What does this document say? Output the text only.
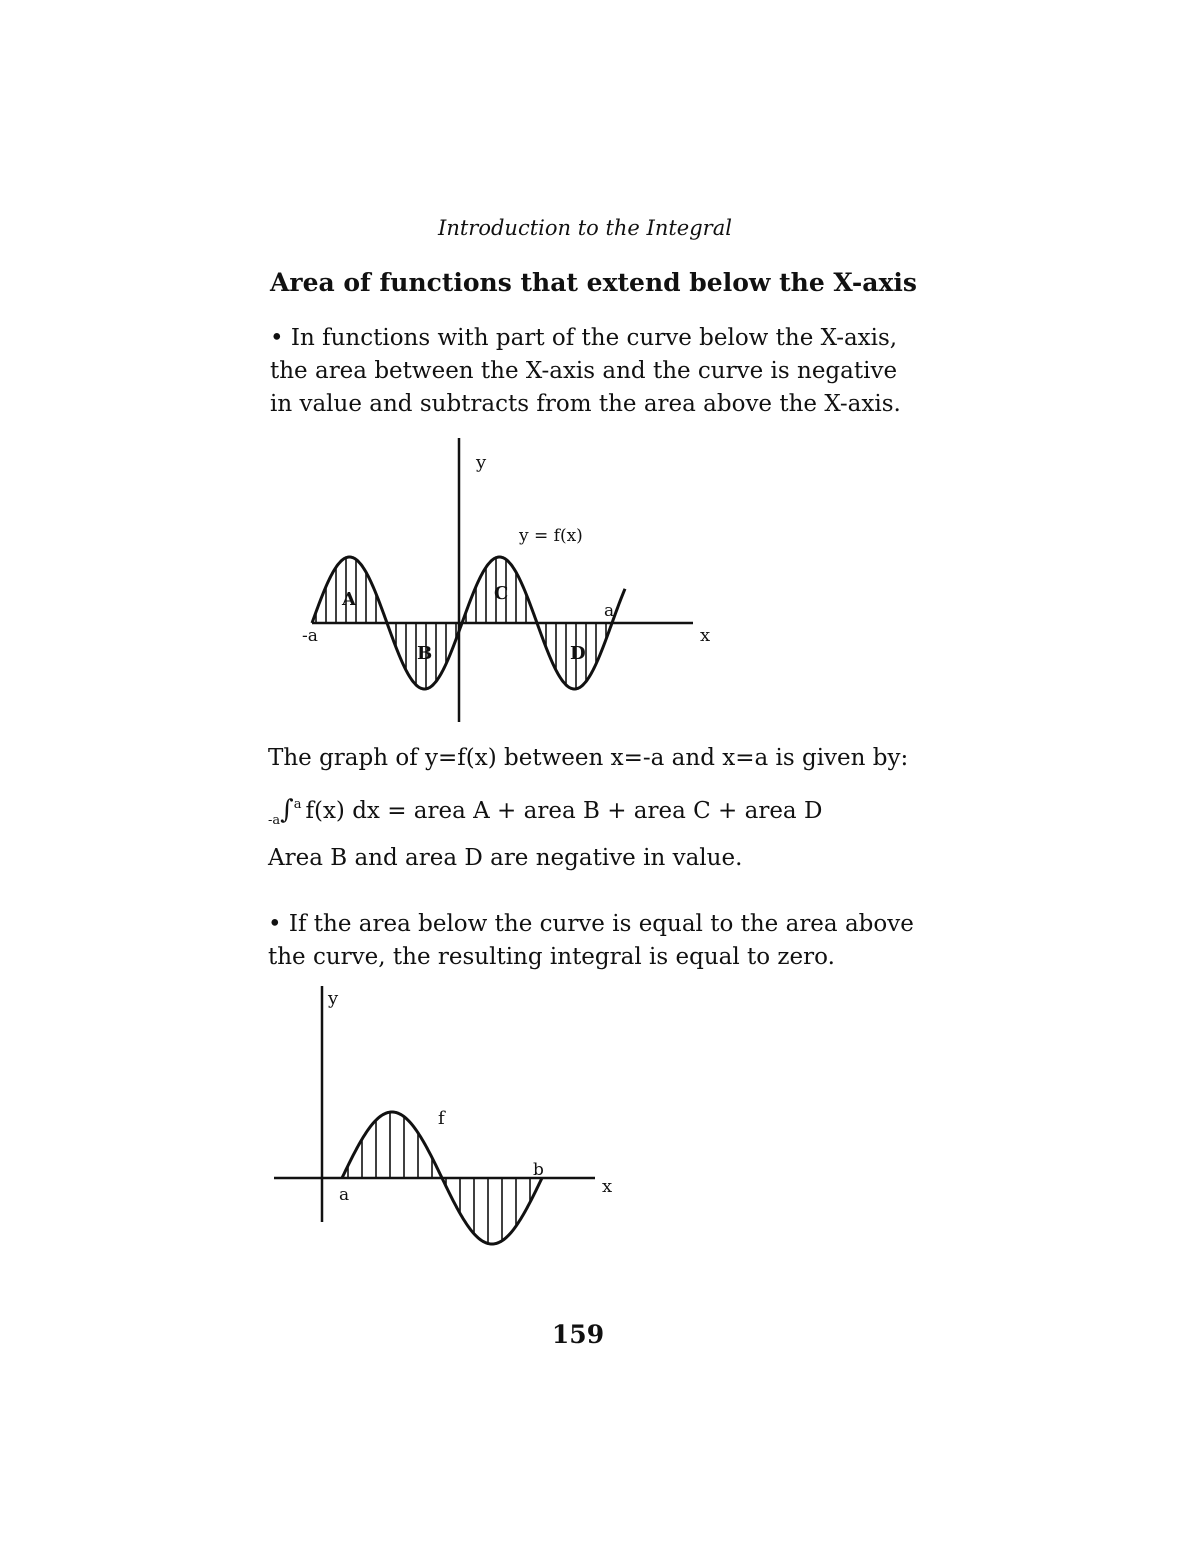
Introduction to the Integral
Area of functions that extend below the X-axis
• In functions with part of the curve below the X-axis,
the area between the X-axis and the curve is negative
in value and subtracts from the area above the X-axis.
y
x
y = f(x)
-a
a
A
B
C
D
The graph of y=f(x) between x=-a and x=a is given by:
$_{-a}$∫$^a$ f(x) dx = area A + area B + area C + area D
Area B and area D are negative in value.
• If the area below the curve is equal to the area above
the curve, the resulting integral is equal to zero.
y
x
f
a
b
159
